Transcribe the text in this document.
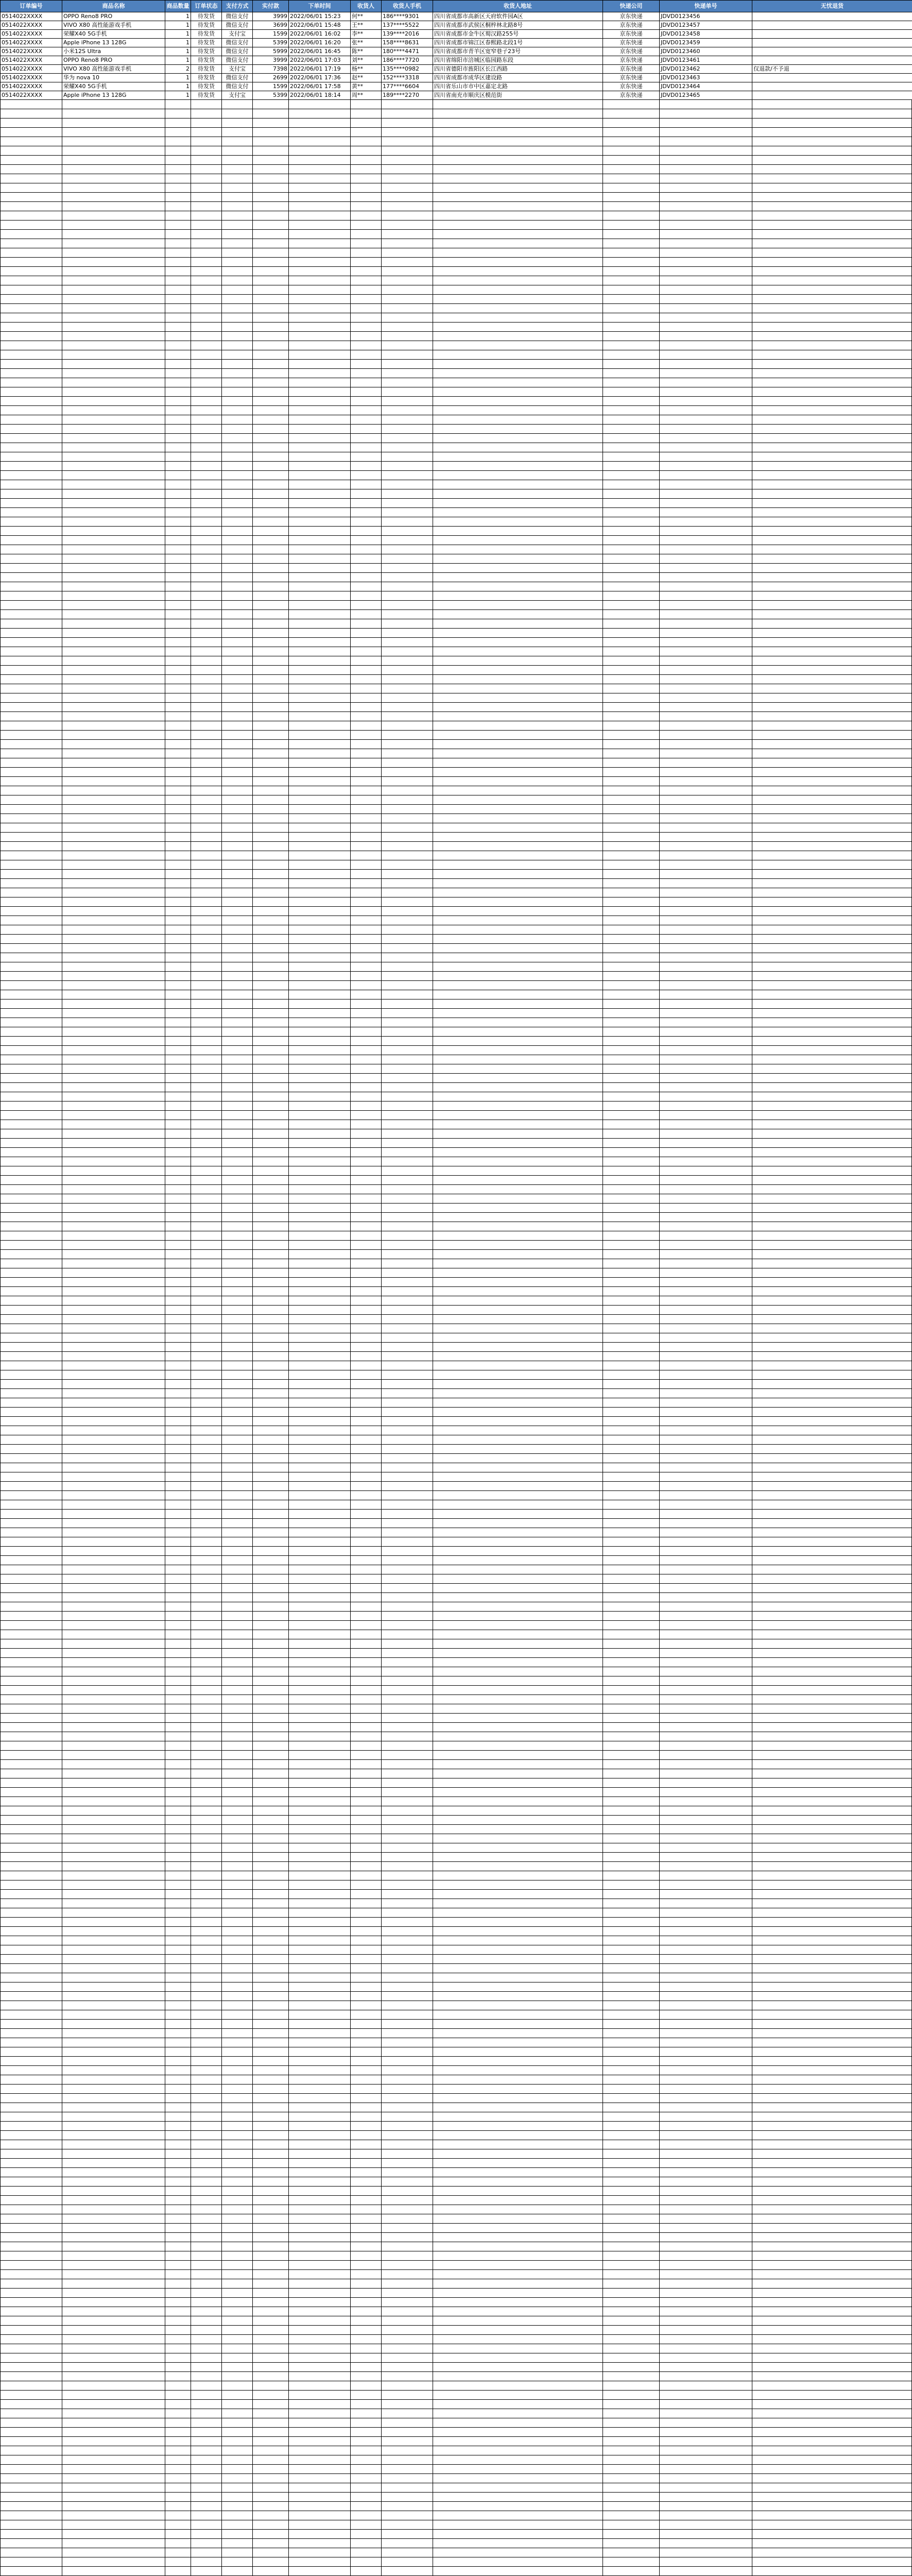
订单编号	商品名称	商品数量	订单状态	支付方式	实付款	下单时间	收货人	收货人手机	收货人地址	快递公司	快递单号	无忧退货
0514022XXXX	OPPO Reno8 PRO	1	待发货	微信支付	3999	2022/06/01 15:23	何**	186****9301	四川省成都市高新区天府软件园A区	京东快递	JDVD0123456	
0514022XXXX	VIVO X80 高性能游戏手机	1	待发货	微信支付	3699	2022/06/01 15:48	王**	137****5522	四川省成都市武侯区桐梓林北路8号	京东快递	JDVD0123457	
0514022XXXX	荣耀X40 5G手机	1	待发货	支付宝	1599	2022/06/01 16:02	李**	139****2016	四川省成都市金牛区蜀汉路255号	京东快递	JDVD0123458	
0514022XXXX	Apple iPhone 13 128G	1	待发货	微信支付	5399	2022/06/01 16:20	张**	158****8631	四川省成都市锦江区春熙路北段1号	京东快递	JDVD0123459	
0514022XXXX	小米12S Ultra	1	待发货	微信支付	5999	2022/06/01 16:45	陈**	180****4471	四川省成都市青羊区宽窄巷子23号	京东快递	JDVD0123460	
0514022XXXX	OPPO Reno8 PRO	1	待发货	微信支付	3999	2022/06/01 17:03	刘**	186****7720	四川省绵阳市涪城区临园路东段	京东快递	JDVD0123461	
0514022XXXX	VIVO X80 高性能游戏手机	2	待发货	支付宝	7398	2022/06/01 17:19	杨**	135****0982	四川省德阳市旌阳区长江西路	京东快递	JDVD0123462	仅退款/不予退
0514022XXXX	华为 nova 10	1	待发货	微信支付	2699	2022/06/01 17:36	赵**	152****3318	四川省成都市成华区建设路	京东快递	JDVD0123463	
0514022XXXX	荣耀X40 5G手机	1	待发货	微信支付	1599	2022/06/01 17:58	黄**	177****6604	四川省乐山市市中区嘉定北路	京东快递	JDVD0123464	
0514022XXXX	Apple iPhone 13 128G	1	待发货	支付宝	5399	2022/06/01 18:14	周**	189****2270	四川省南充市顺庆区模范街	京东快递	JDVD0123465	
